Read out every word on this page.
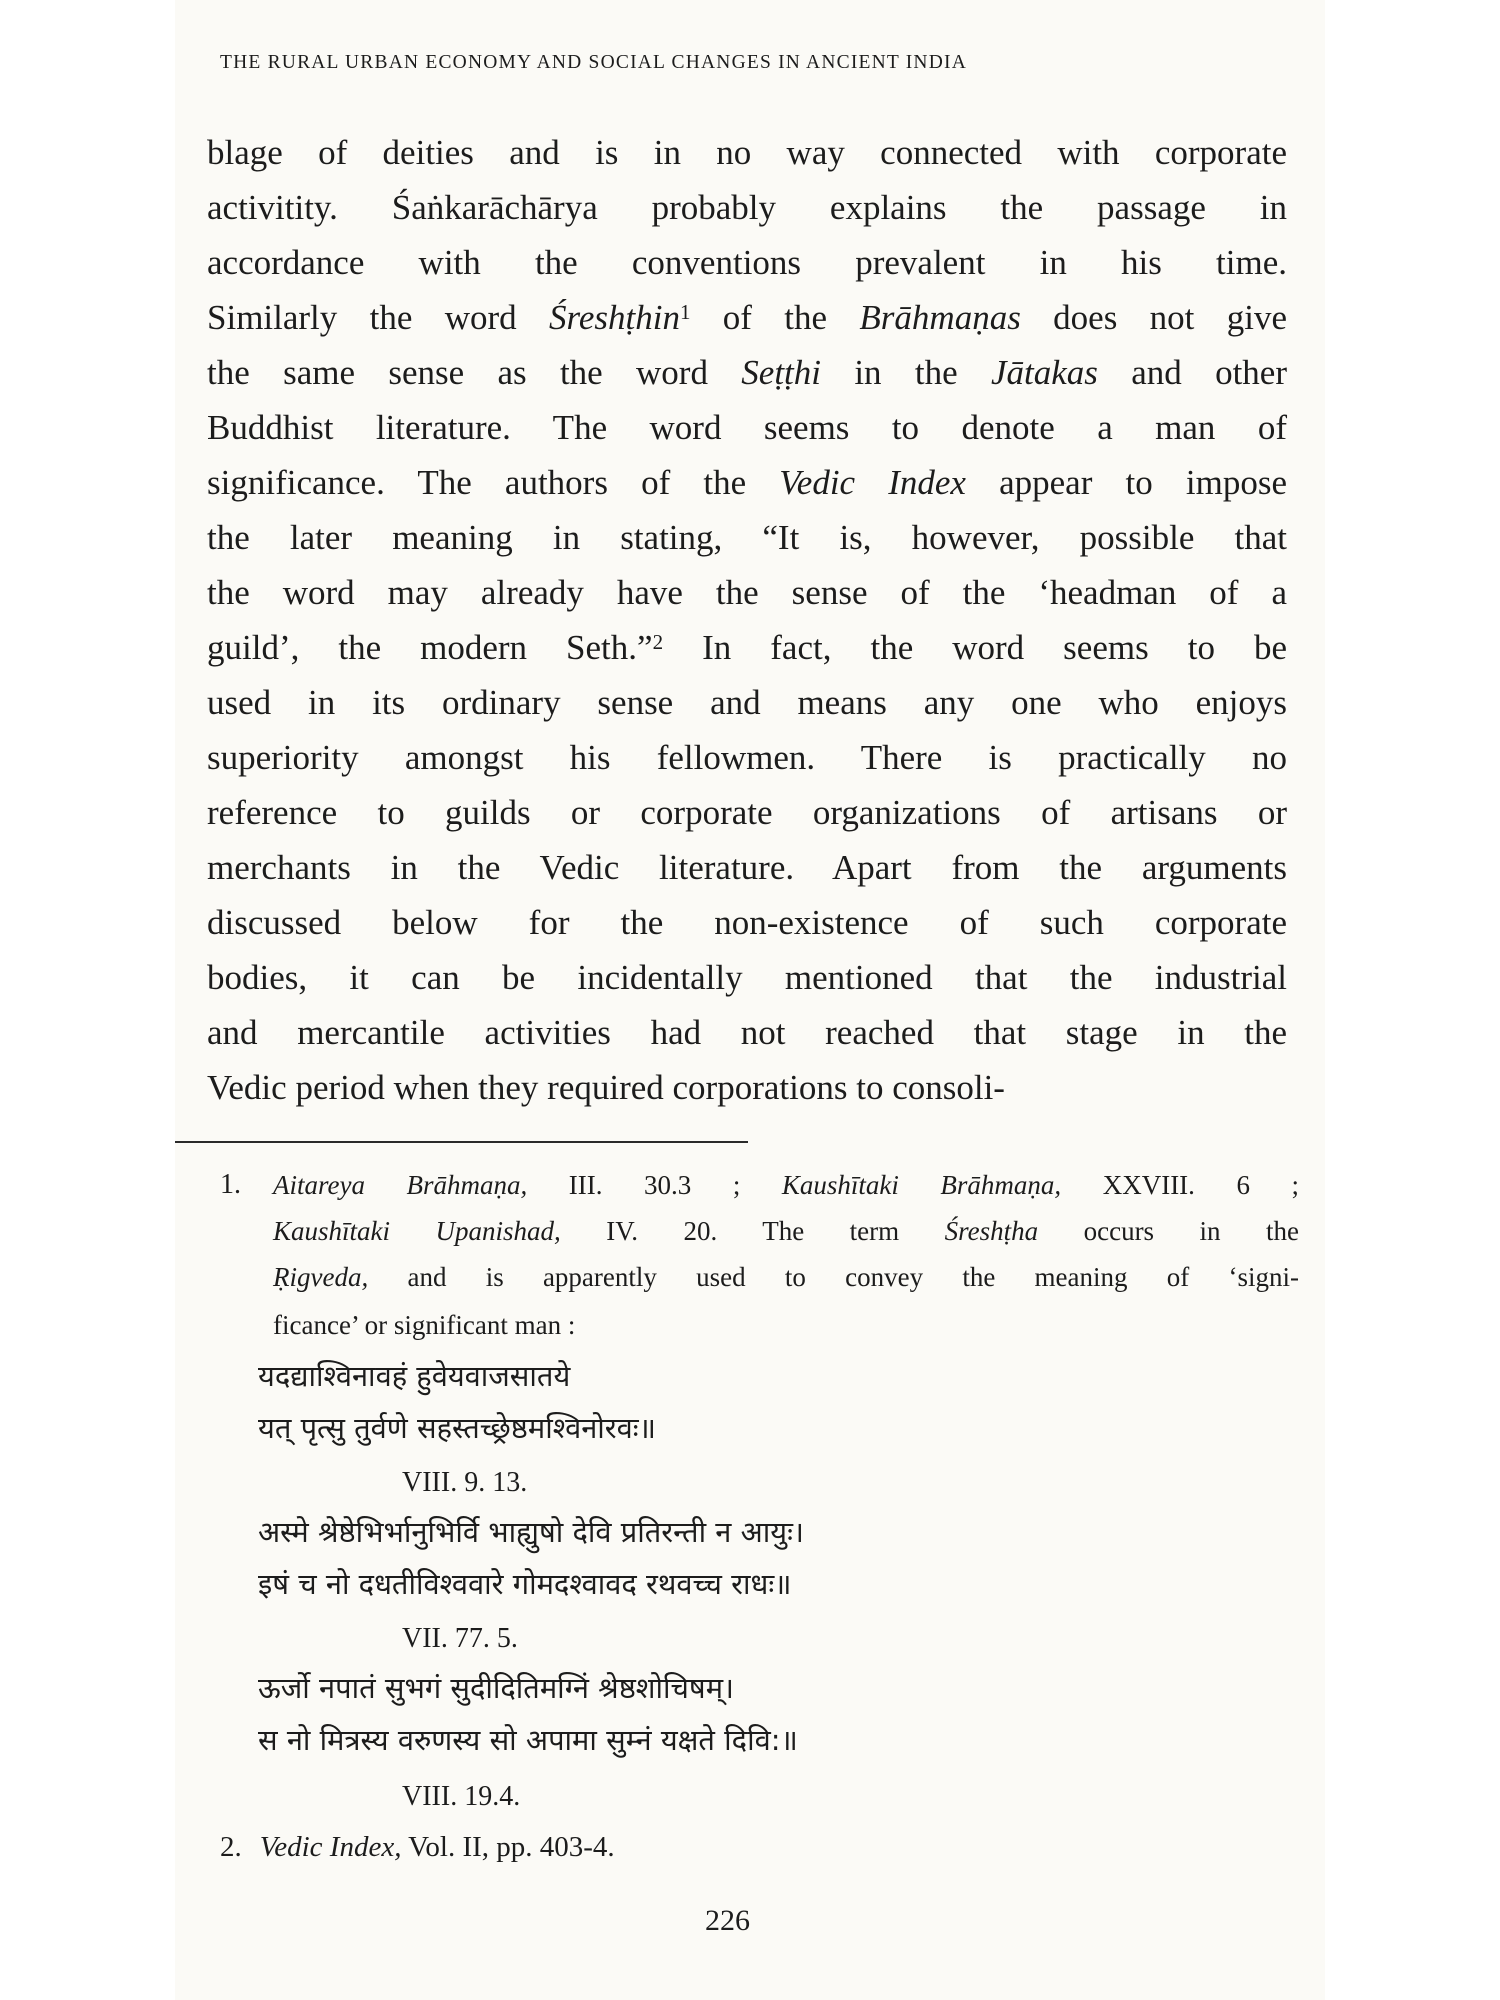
THE RURAL URBAN ECONOMY AND SOCIAL CHANGES IN ANCIENT INDIA
blage of deities and is in no way connected with corporate
activitity. Śaṅkarāchārya probably explains the passage in
accordance with the conventions prevalent in his time.
Similarly the word Śreshṭhin$^1$ of the Brāhmaṇas does not give
the same sense as the word Seṭṭhi in the Jātakas and other
Buddhist literature. The word seems to denote a man of
significance. The authors of the Vedic Index appear to impose
the later meaning in stating, “It is, however, possible that
the word may already have the sense of the ‘headman of a
guild’, the modern Seth.”$^2$ In fact, the word seems to be
used in its ordinary sense and means any one who enjoys
superiority amongst his fellowmen. There is practically no
reference to guilds or corporate organizations of artisans or
merchants in the Vedic literature. Apart from the arguments
discussed below for the non-existence of such corporate
bodies, it can be incidentally mentioned that the industrial
and mercantile activities had not reached that stage in the
Vedic period when they required corporations to consoli-
1. Aitareya Brāhmaṇa, III. 30.3 ; Kaushītaki Brāhmaṇa, XXVIII. 6 ;
Kaushītaki Upanishad, IV. 20. The term Śreshṭha occurs in the
Ṛigveda, and is apparently used to convey the meaning of ‘signi-
ficance’ or significant man :
यदद्याश्विनावहं हुवेयवाजसातये
यत् पृत्सु तुर्वणे सहस्तच्छ्रेष्ठमश्विनोरवः॥
VIII. 9. 13.
अस्मे श्रेष्ठेभिर्भानुभिर्वि भाह्युषो देवि प्रतिरन्ती न आयुः।
इषं च नो दधतीविश्ववारे गोमदश्वावद रथवच्च राधः॥
VII. 77. 5.
ऊर्जो नपातं सुभगं सुदीदितिमग्निं श्रेष्ठशोचिषम्।
स नो मित्रस्य वरुणस्य सो अपामा सुम्नं यक्षते दिवि:॥
VIII. 19.4.
2. Vedic Index, Vol. II, pp. 403-4.
226
